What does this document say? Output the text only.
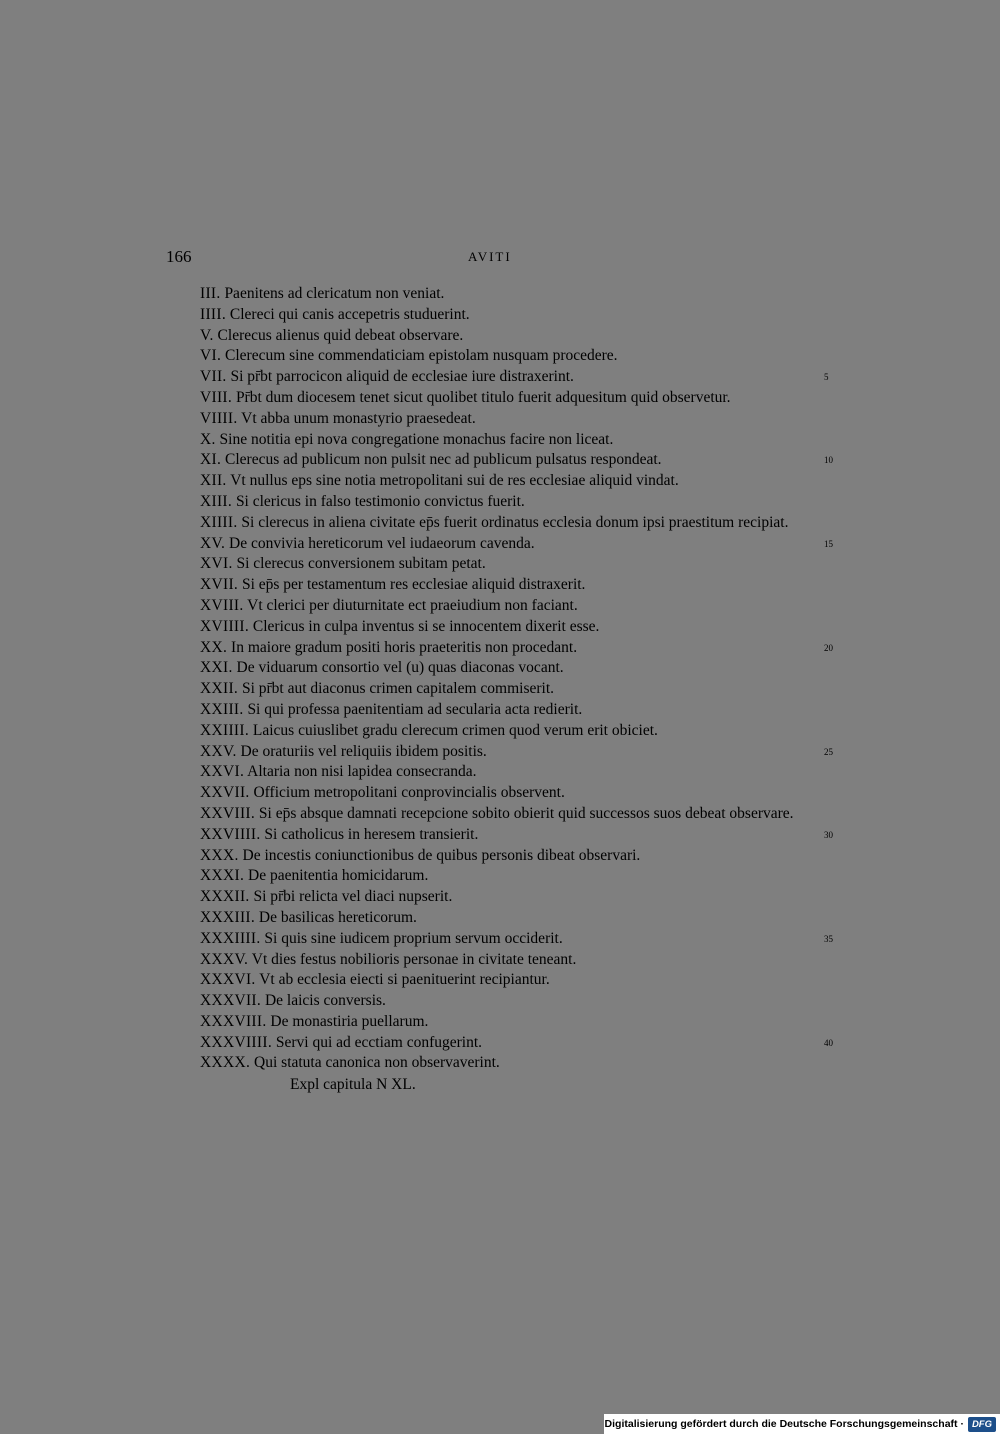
166	AVITI
III. Paenitens ad clericatum non veniat.
IIII. Clereci qui canis accepetris studuerint.
V. Clerecus alienus quid debeat observare.
VI. Clerecum sine commendaticiam epistolam nusquam procedere.
VII. Si pr̄bt parrocicon aliquid de ecclesiae iure distraxerint.	5
VIII. Pr̄bt dum diocesem tenet sicut quolibet titulo fuerit adquesitum quid observetur.
VIIII. Vt abba unum monastyrio praesedeat.
X. Sine notitia epi nova congregatione monachus facire non liceat.
XI. Clerecus ad publicum non pulsit nec ad publicum pulsatus respondeat.	10
XII. Vt nullus eps sine notia metropolitani sui de res ecclesiae aliquid vindat.
XIII. Si clericus in falso testimonio convictus fuerit.
XIIII. Si clerecus in aliena civitate ep̄s fuerit ordinatus ecclesia donum ipsi praestitum recipiat.
XV. De convivia hereticorum vel iudaeorum cavenda.	15
XVI. Si clerecus conversionem subitam petat.
XVII. Si ep̄s per testamentum res ecclesiae aliquid distraxerit.
XVIII. Vt clerici per diuturnitate ect praeiudium non faciant.
XVIIII. Clericus in culpa inventus si se innocentem dixerit esse.
XX. In maiore gradum positi horis praeteritis non procedant.	20
XXI. De viduarum consortio vel (u) quas diaconas vocant.
XXII. Si pr̄bt aut diaconus crimen capitalem commiserit.
XXIII. Si qui professa paenitentiam ad secularia acta redierit.
XXIIII. Laicus cuiuslibet gradu clerecum crimen quod verum erit obiciet.
XXV. De oraturiis vel reliquiis ibidem positis.	25
XXVI. Altaria non nisi lapidea consecranda.
XXVII. Officium metropolitani conprovincialis observent.
XXVIII. Si ep̄s absque damnati recepcione sobito obierit quid successos suos debeat observare.
XXVIIII. Si catholicus in heresem transierit.	30
XXX. De incestis coniunctionibus de quibus personis dibeat observari.
XXXI. De paenitentia homicidarum.
XXXII. Si pr̄bi relicta vel diaci nupserit.
XXXIII. De basilicas hereticorum.
XXXIIII. Si quis sine iudicem proprium servum occiderit.	35
XXXV. Vt dies festus nobilioris personae in civitate teneant.
XXXVI. Vt ab ecclesia eiecti si paenituerint recipiantur.
XXXVII. De laicis conversis.
XXXVIII. De monastiria puellarum.
XXXVIIII. Servi qui ad ecctiam confugerint.	40
XXXX. Qui statuta canonica non observaverint.
Expl capitula N XL.
Digitalisierung gefördert durch die Deutsche Forschungsgemeinschaft · DFG
